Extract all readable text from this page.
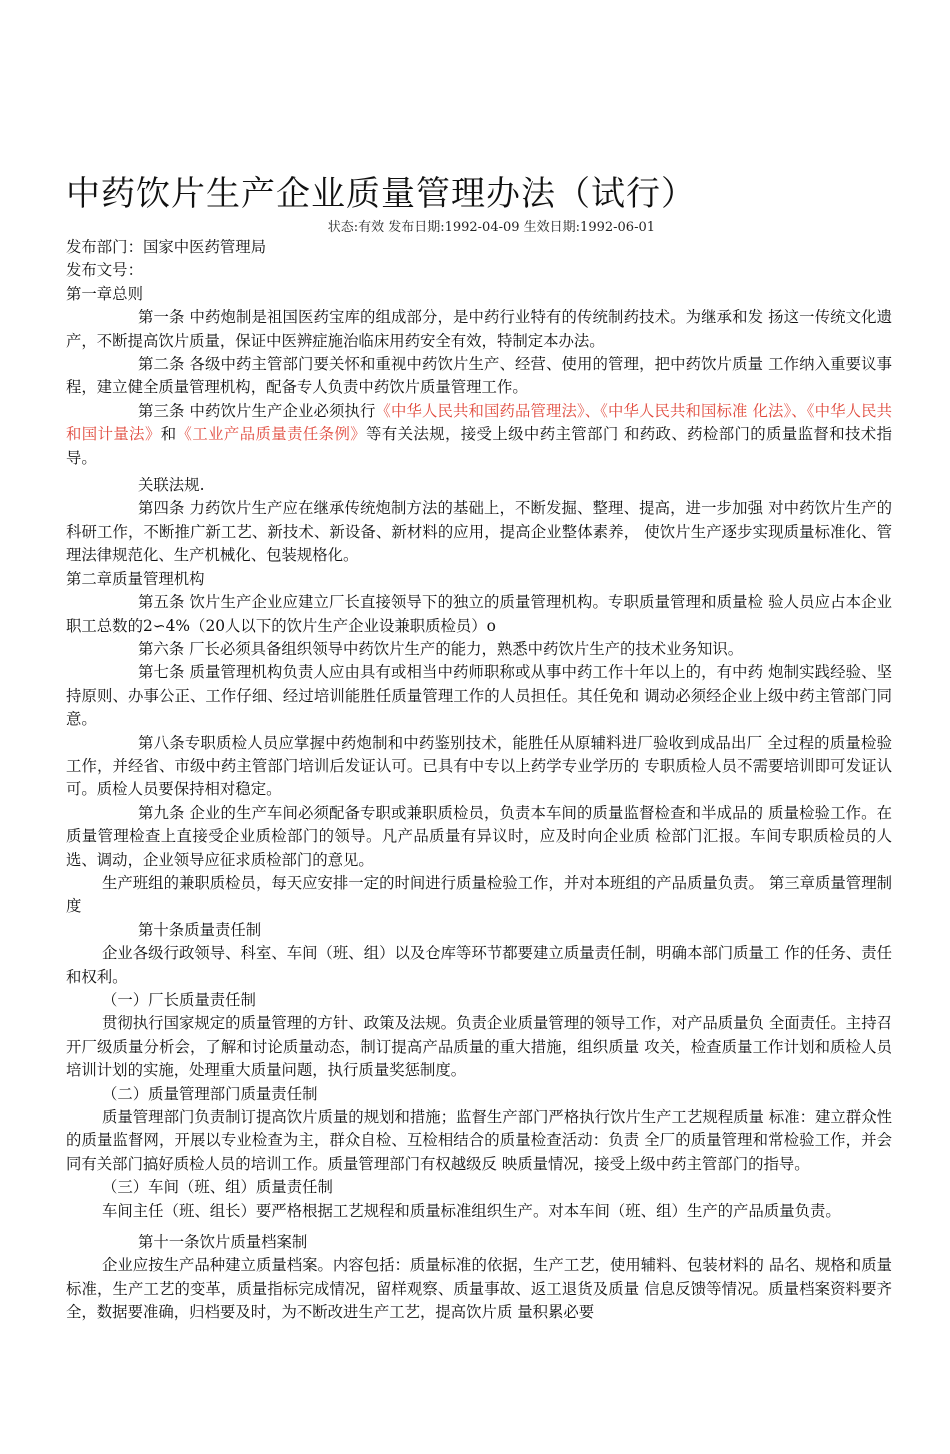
中药饮片生产企业质量管理办法（试行）
状态:有效 发布日期:1992-04-09 生效日期:1992-06-01

发布部门：国家中医药管理局

发布文号：

第一章总则

第一条 中药炮制是祖国医药宝库的组成部分，是中药行业特有的传统制药技术。为继承和发 扬这一传统文化遗产，不断提高饮片质量，保证中医辨症施治临床用药安全有效，特制定本办法。

第二条 各级中药主管部门要关怀和重视中药饮片生产、经营、使用的管理，把中药饮片质量 工作纳入重要议事程，建立健全质量管理机构，配备专人负责中药饮片质量管理工作。

第三条 中药饮片生产企业必须执行《中华人民共和国药品管理法》、《中华人民共和国标准 化法》、《中华人民共和国计量法》和《工业产品质量责任条例》等有关法规，接受上级中药主管部门 和药政、药检部门的质量监督和技术指导。

关联法规.

第四条 力药饮片生产应在继承传统炮制方法的基础上，不断发掘、整理、提高，进一步加强 对中药饮片生产的科研工作，不断推广新工艺、新技术、新设备、新材料的应用，提高企业整体素养， 使饮片生产逐步实现质量标准化、管理法律规范化、生产机械化、包装规格化。

第二章质量管理机构

第五条 饮片生产企业应建立厂长直接领导下的独立的质量管理机构。专职质量管理和质量检 验人员应占本企业职工总数的2∽4%（20人以下的饮片生产企业设兼职质检员）o

第六条 厂长必须具备组织领导中药饮片生产的能力，熟悉中药饮片生产的技术业务知识。

第七条 质量管理机构负责人应由具有或相当中药师职称或从事中药工作十年以上的，有中药 炮制实践经验、坚持原则、办事公正、工作仔细、经过培训能胜任质量管理工作的人员担任。其任免和 调动必须经企业上级中药主管部门同意。

第八条专职质检人员应掌握中药炮制和中药鉴别技术，能胜任从原辅料进厂验收到成品出厂 全过程的质量检验工作，并经省、市级中药主管部门培训后发证认可。已具有中专以上药学专业学历的 专职质检人员不需要培训即可发证认可。质检人员要保持相对稳定。

第九条 企业的生产车间必须配备专职或兼职质检员，负责本车间的质量监督检查和半成品的 质量检验工作。在质量管理检查上直接受企业质检部门的领导。凡产品质量有异议时，应及时向企业质 检部门汇报。车间专职质检员的人选、调动，企业领导应征求质检部门的意见。

生产班组的兼职质检员，每天应安排一定的时间进行质量检验工作，并对本班组的产品质量负责。 第三章质量管理制度

第十条质量责任制

企业各级行政领导、科室、车间（班、组）以及仓库等环节都要建立质量责任制，明确本部门质量工 作的任务、责任和权利。

（一）厂长质量责任制

贯彻执行国家规定的质量管理的方针、政策及法规。负责企业质量管理的领导工作，对产品质量负 全面责任。主持召开厂级质量分析会，了解和讨论质量动态，制订提高产品质量的重大措施，组织质量 攻关，检查质量工作计划和质检人员培训计划的实施，处理重大质量问题，执行质量奖惩制度。

（二）质量管理部门质量责任制

质量管理部门负责制订提高饮片质量的规划和措施；监督生产部门严格执行饮片生产工艺规程质量 标准：建立群众性的质量监督网，开展以专业检查为主，群众自检、互检相结合的质量检查活动：负责 全厂的质量管理和常检验工作，并会同有关部门搞好质检人员的培训工作。质量管理部门有权越级反 映质量情况，接受上级中药主管部门的指导。

（三）车间（班、组）质量责任制

车间主任（班、组长）要严格根据工艺规程和质量标准组织生产。对本车间（班、组）生产的产品质量负责。

第十一条饮片质量档案制

企业应按生产品种建立质量档案。内容包括：质量标准的依据，生产工艺，使用辅料、包装材料的 品名、规格和质量标准，生产工艺的变革，质量指标完成情况，留样观察、质量事故、返工退货及质量 信息反馈等情况。质量档案资料要齐全，数据要准确，归档要及时，为不断改进生产工艺，提高饮片质 量积累必要
